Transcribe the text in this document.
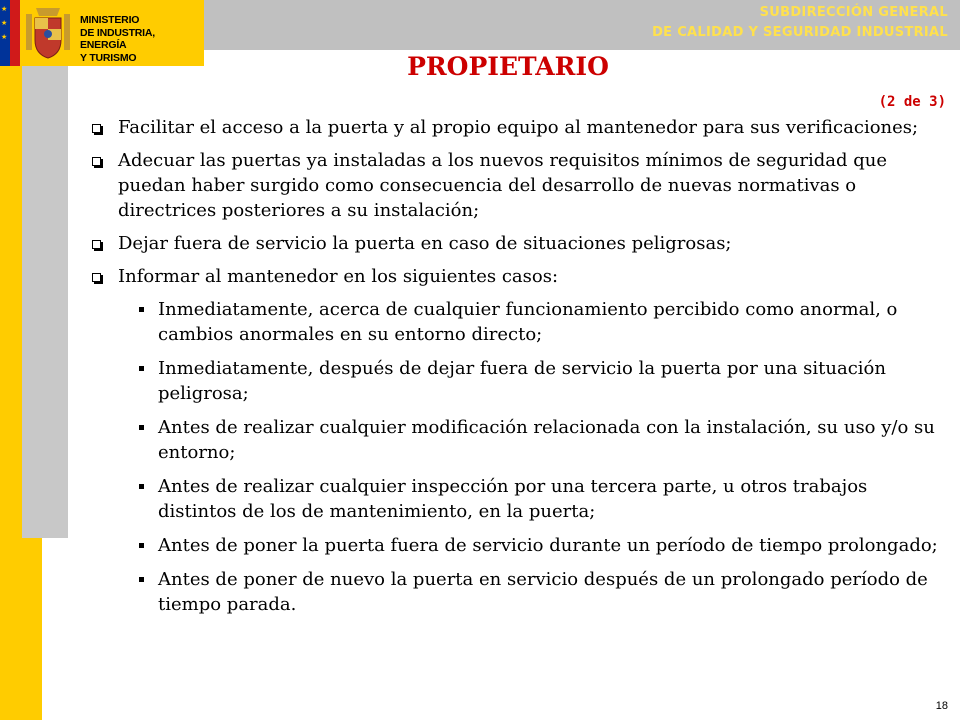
★
★
★
MINISTERIO
DE INDUSTRIA, ENERGÍA
Y TURISMO
SUBDIRECCIÓN GENERAL
DE CALIDAD Y SEGURIDAD INDUSTRIAL
PROPIETARIO
(2 de 3)
Facilitar el acceso a la puerta y al propio equipo al mantenedor para sus verificaciones;
Adecuar las puertas ya instaladas a los nuevos requisitos mínimos de seguridad que puedan haber surgido como consecuencia del desarrollo de nuevas normativas o directrices posteriores a su instalación;
Dejar fuera de servicio la puerta en caso de situaciones peligrosas;
Informar al mantenedor en los siguientes casos:
Inmediatamente, acerca de cualquier funcionamiento percibido como anormal, o cambios anormales en su entorno directo;
Inmediatamente, después de dejar fuera de servicio la puerta por una situación peligrosa;
Antes de realizar cualquier modificación relacionada con la instalación, su uso y/o su entorno;
Antes de realizar cualquier inspección por una tercera parte, u otros trabajos distintos de los de mantenimiento, en la puerta;
Antes de poner la puerta fuera de servicio durante un período de tiempo prolongado;
Antes de poner de nuevo la puerta en servicio después de un prolongado período de tiempo parada.
18
